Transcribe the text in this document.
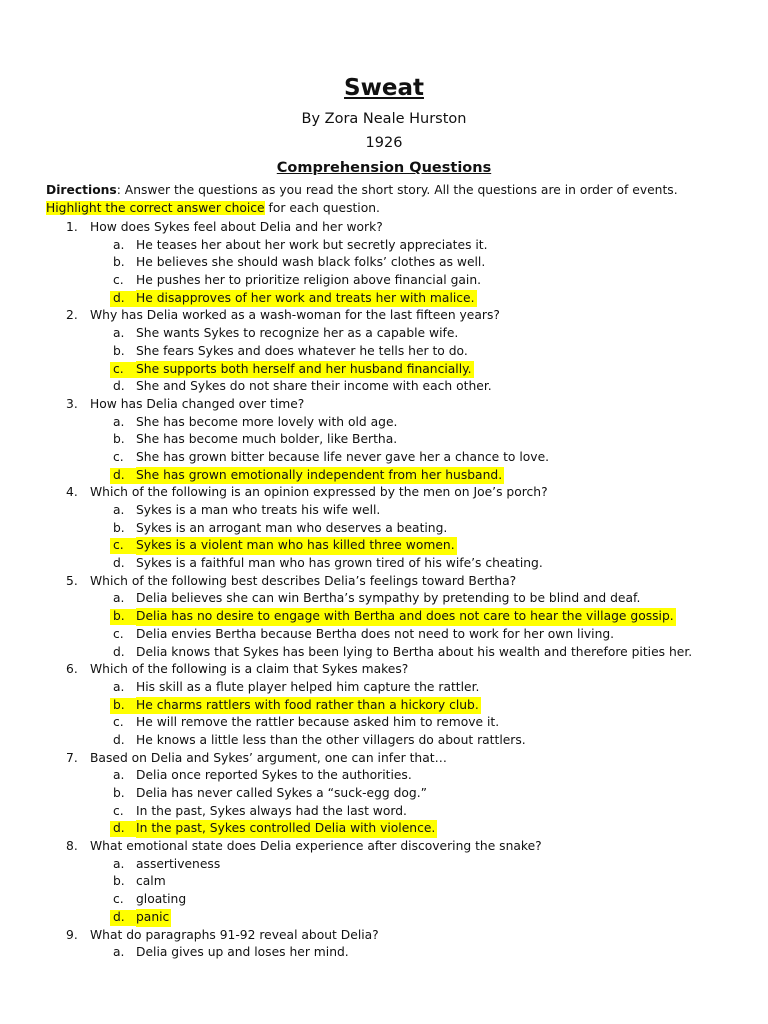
Sweat
By Zora Neale Hurston
1926
Comprehension Questions
Directions: Answer the questions as you read the short story. All the questions are in order of events. Highlight the correct answer choice for each question.
1. How does Sykes feel about Delia and her work?
a. He teases her about her work but secretly appreciates it.
b. He believes she should wash black folks’ clothes as well.
c. He pushes her to prioritize religion above financial gain.
d. He disapproves of her work and treats her with malice.
2. Why has Delia worked as a wash-woman for the last fifteen years?
a. She wants Sykes to recognize her as a capable wife.
b. She fears Sykes and does whatever he tells her to do.
c. She supports both herself and her husband financially.
d. She and Sykes do not share their income with each other.
3. How has Delia changed over time?
a. She has become more lovely with old age.
b. She has become much bolder, like Bertha.
c. She has grown bitter because life never gave her a chance to love.
d. She has grown emotionally independent from her husband.
4. Which of the following is an opinion expressed by the men on Joe’s porch?
a. Sykes is a man who treats his wife well.
b. Sykes is an arrogant man who deserves a beating.
c. Sykes is a violent man who has killed three women.
d. Sykes is a faithful man who has grown tired of his wife’s cheating.
5. Which of the following best describes Delia’s feelings toward Bertha?
a. Delia believes she can win Bertha’s sympathy by pretending to be blind and deaf.
b. Delia has no desire to engage with Bertha and does not care to hear the village gossip.
c. Delia envies Bertha because Bertha does not need to work for her own living.
d. Delia knows that Sykes has been lying to Bertha about his wealth and therefore pities her.
6. Which of the following is a claim that Sykes makes?
a. His skill as a flute player helped him capture the rattler.
b. He charms rattlers with food rather than a hickory club.
c. He will remove the rattler because asked him to remove it.
d. He knows a little less than the other villagers do about rattlers.
7. Based on Delia and Sykes’ argument, one can infer that…
a. Delia once reported Sykes to the authorities.
b. Delia has never called Sykes a “suck-egg dog.”
c. In the past, Sykes always had the last word.
d. In the past, Sykes controlled Delia with violence.
8. What emotional state does Delia experience after discovering the snake?
a. assertiveness
b. calm
c. gloating
d. panic
9. What do paragraphs 91-92 reveal about Delia?
a. Delia gives up and loses her mind.
